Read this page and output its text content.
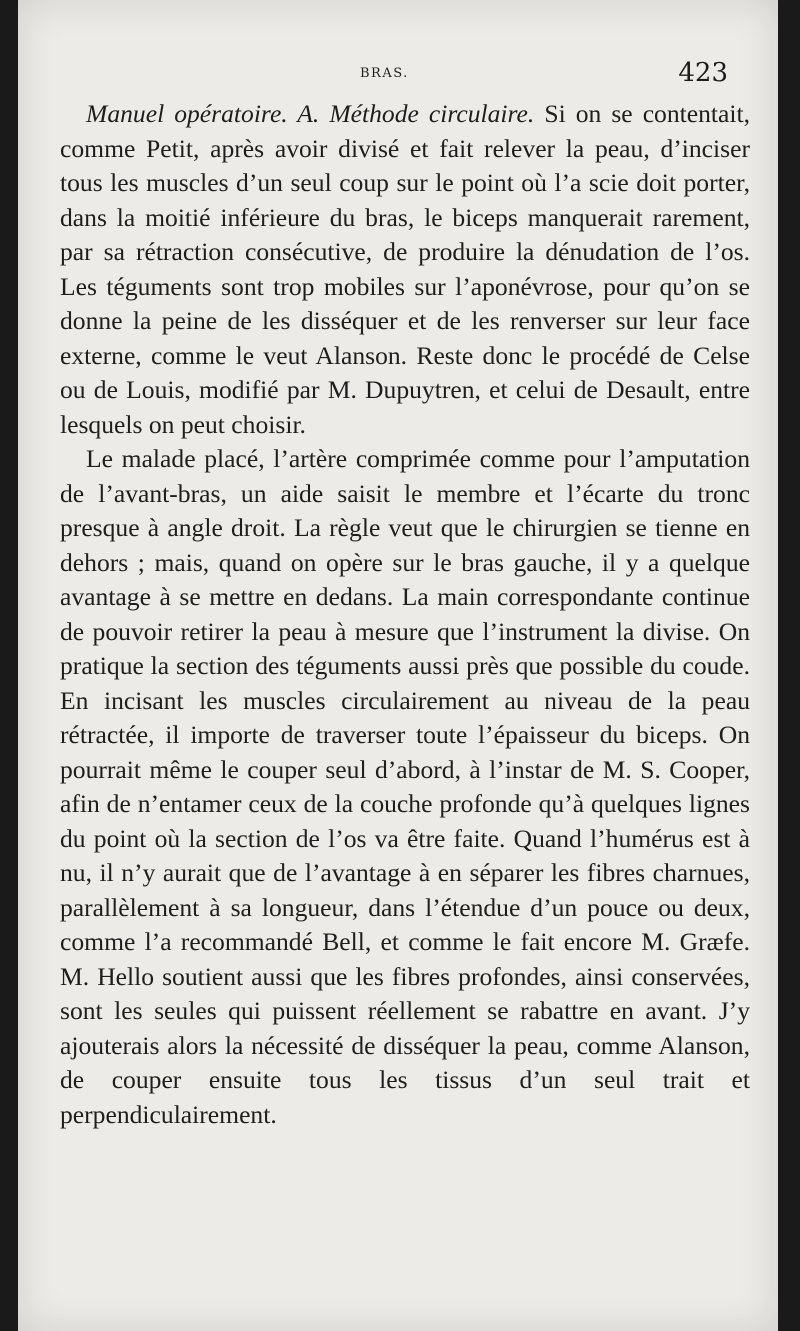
BRAS.	423

Manuel opératoire. A. Méthode circulaire. Si on se contentait, comme Petit, après avoir divisé et fait relever la peau, d’inciser tous les muscles d’un seul coup sur le point où l’a scie doit porter, dans la moitié inférieure du bras, le biceps manquerait rarement, par sa rétraction consécutive, de produire la dénudation de l’os. Les téguments sont trop mobiles sur l’aponévrose, pour qu’on se donne la peine de les disséquer et de les renverser sur leur face externe, comme le veut Alanson. Reste donc le procédé de Celse ou de Louis, modifié par M. Dupuytren, et celui de Desault, entre lesquels on peut choisir.

Le malade placé, l’artère comprimée comme pour l’amputation de l’avant-bras, un aide saisit le membre et l’écarte du tronc presque à angle droit. La règle veut que le chirurgien se tienne en dehors ; mais, quand on opère sur le bras gauche, il y a quelque avantage à se mettre en dedans. La main correspondante continue de pouvoir retirer la peau à mesure que l’instrument la divise. On pratique la section des téguments aussi près que possible du coude. En incisant les muscles circulairement au niveau de la peau rétractée, il importe de traverser toute l’épaisseur du biceps. On pourrait même le couper seul d’abord, à l’instar de M. S. Cooper, afin de n’entamer ceux de la couche profonde qu’à quelques lignes du point où la section de l’os va être faite. Quand l’humérus est à nu, il n’y aurait que de l’avantage à en séparer les fibres charnues, parallèlement à sa longueur, dans l’étendue d’un pouce ou deux, comme l’a recommandé Bell, et comme le fait encore M. Græfe. M. Hello soutient aussi que les fibres profondes, ainsi conservées, sont les seules qui puissent réellement se rabattre en avant. J’y ajouterais alors la nécessité de disséquer la peau, comme Alanson, de couper ensuite tous les tissus d’un seul trait et perpendiculairement.
